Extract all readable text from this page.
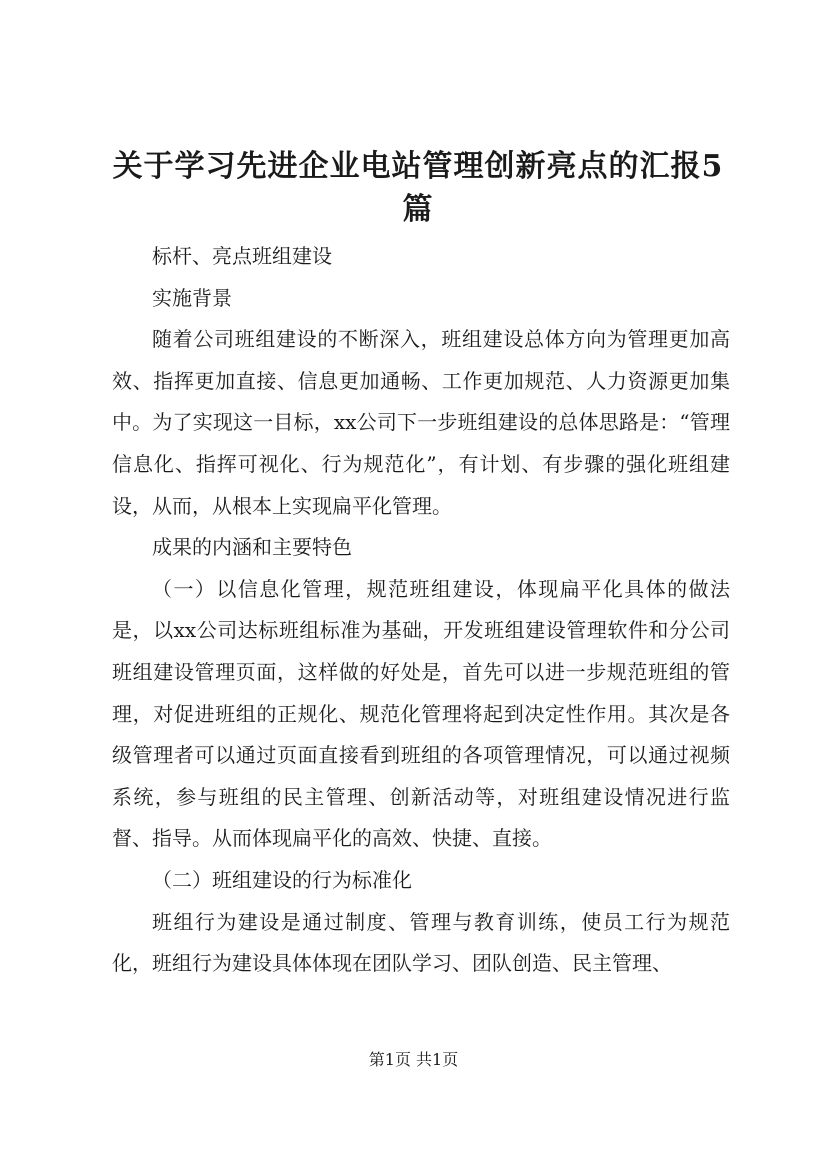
关于学习先进企业电站管理创新亮点的汇报5篇

标杆、亮点班组建设

实施背景

随着公司班组建设的不断深入，班组建设总体方向为管理更加高效、指挥更加直接、信息更加通畅、工作更加规范、人力资源更加集中。为了实现这一目标，xx公司下一步班组建设的总体思路是：“管理信息化、指挥可视化、行为规范化”，有计划、有步骤的强化班组建设，从而，从根本上实现扁平化管理。

成果的内涵和主要特色

（一）以信息化管理，规范班组建设，体现扁平化具体的做法是，以xx公司达标班组标准为基础，开发班组建设管理软件和分公司班组建设管理页面，这样做的好处是，首先可以进一步规范班组的管理，对促进班组的正规化、规范化管理将起到决定性作用。其次是各级管理者可以通过页面直接看到班组的各项管理情况，可以通过视频系统，参与班组的民主管理、创新活动等，对班组建设情况进行监督、指导。从而体现扁平化的高效、快捷、直接。

（二）班组建设的行为标准化

班组行为建设是通过制度、管理与教育训练，使员工行为规范化，班组行为建设具体体现在团队学习、团队创造、民主管理、

第1页 共1页
